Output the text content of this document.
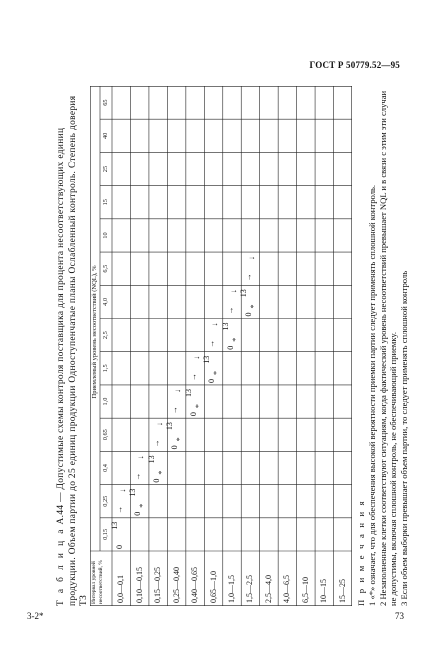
ГОСТ Р 50779.52—95
Т а б л и ц а А.44 — Допустимые схемы контроля поставщика для процента несоответствующих единиц продукции. Объем партии до 25 единиц продукции Одноступенчатые планы Ослабленный контроль. Степень доверия ТЗ Интервал уровней несоответствий, %
Приемлемый уровень несоответствий (NQL), %
0,15
0,25
0,4
0,65
1,0
1,5
2,5
4,0
6,5
10
15
25
40
65
0,0—0,1 0,10—0,15 0,15—0,25 0,25—0,40 0,40—0,65 0,65—1,0 1,0—1,5 1,5—2,5 2,5—4,0 4,0—6,5 6,5—10 10—15 15—25
0
13
→
↓
0
13
→
*
↓
0
13
→
*
↓
0
13
→
*
↓
0
13
→
*
↓
0
13
→
*
↓
0
13
→
*
↓
0
13
→
*
↓
П р и м е ч а н и я 1 «*» означает, что для обеспечения высокой вероятности приемки партии следует применять сплошной контроль. 2 Незаполненные клетки соответствуют ситуациям, когда фактический уровень несоответствий превышает NQL и в связи с этим эти случаи не допустимы, включая сплошной контроль, не обеспечивающий приемку. 3 Если объем выборки превышает объем партии, то следует применять сплошной контроль
3-2*	73
